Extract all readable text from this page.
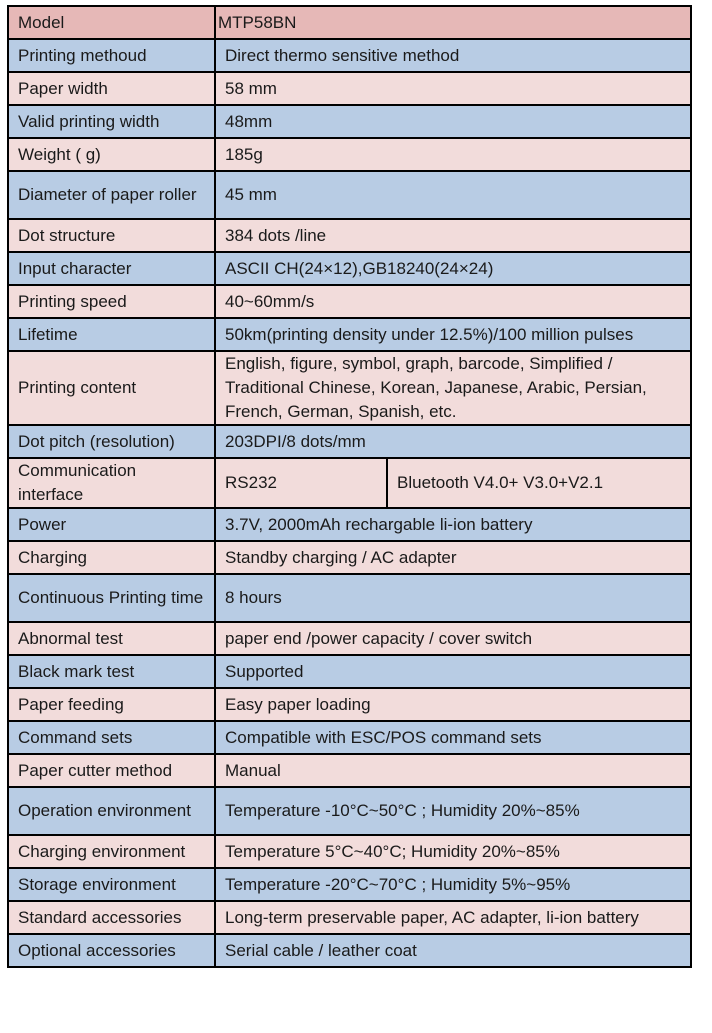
Model	MTP58BN	
Printing methoud	Direct thermo sensitive method	
Paper width	58 mm	
Valid printing width	48mm	
Weight ( g)	185g	
Diameter of paper roller	45 mm	
Dot structure	384 dots /line	
Input character	ASCII CH(24×12),GB18240(24×24)	
Printing speed	40~60mm/s	
Lifetime	50km(printing density under 12.5%)/100 million pulses	
Printing content	English, figure, symbol, graph, barcode, Simplified / Traditional Chinese, Korean, Japanese, Arabic, Persian, French, German, Spanish, etc.	
Dot pitch (resolution)	203DPI/8 dots/mm	
Communication interface	RS232	Bluetooth V4.0+ V3.0+V2.1
Power	3.7V, 2000mAh rechargable li-ion battery	
Charging	Standby charging / AC adapter	
Continuous Printing time	8 hours	
Abnormal test	paper end /power capacity / cover switch	
Black mark test	Supported	
Paper feeding	Easy paper loading	
Command sets	Compatible with ESC/POS command sets	
Paper cutter method	Manual	
Operation environment	Temperature -10°C~50°C ; Humidity 20%~85%	
Charging environment	Temperature 5°C~40°C; Humidity 20%~85%	
Storage environment	Temperature -20°C~70°C ; Humidity 5%~95%	
Standard accessories	Long-term preservable paper, AC adapter, li-ion battery	
Optional accessories	Serial cable / leather coat	
